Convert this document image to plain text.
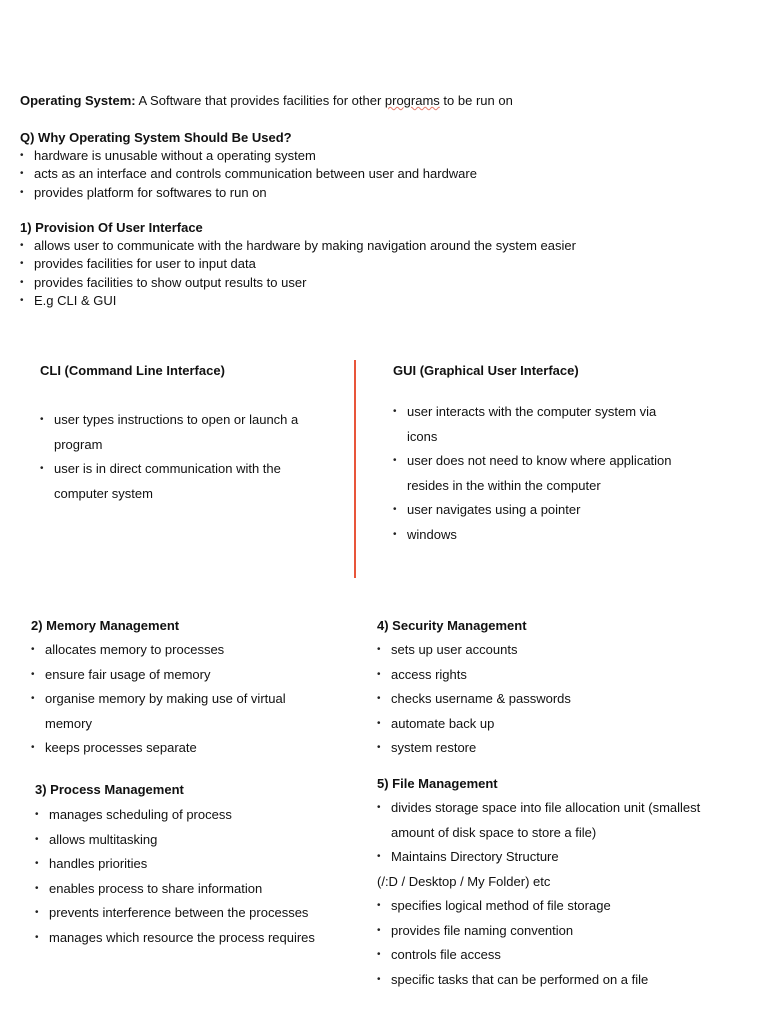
Operating System: A Software that provides facilities for other programs to be run on
Q) Why Operating System Should Be Used?
• hardware is unusable without a operating system
• acts as an interface and controls communication between user and hardware
• provides platform for softwares to run on
1) Provision Of User Interface
• allows user to communicate with the hardware by making navigation around the system easier
• provides facilities for user to input data
• provides facilities to show output results to user
• E.g CLI & GUI
CLI (Command Line Interface)
• user types instructions to open or launch a
program
• user is in direct communication with the
computer system
GUI (Graphical User Interface)
• user interacts with the computer system via
icons
• user does not need to know where application
resides in the within the computer
• user navigates using a pointer
• windows
2) Memory Management
• allocates memory to processes
• ensure fair usage of memory
• organise memory by making use of virtual
memory
• keeps processes separate
3) Process Management
• manages scheduling of process
• allows multitasking
• handles priorities
• enables process to share information
• prevents interference between the processes
• manages which resource the process requires
4) Security Management
• sets up user accounts
• access rights
• checks username & passwords
• automate back up
• system restore
5) File Management
• divides storage space into file allocation unit (smallest
amount of disk space to store a file)
• Maintains Directory Structure
(/:D / Desktop / My Folder) etc
• specifies logical method of file storage
• provides file naming convention
• controls file access
• specific tasks that can be performed on a file
